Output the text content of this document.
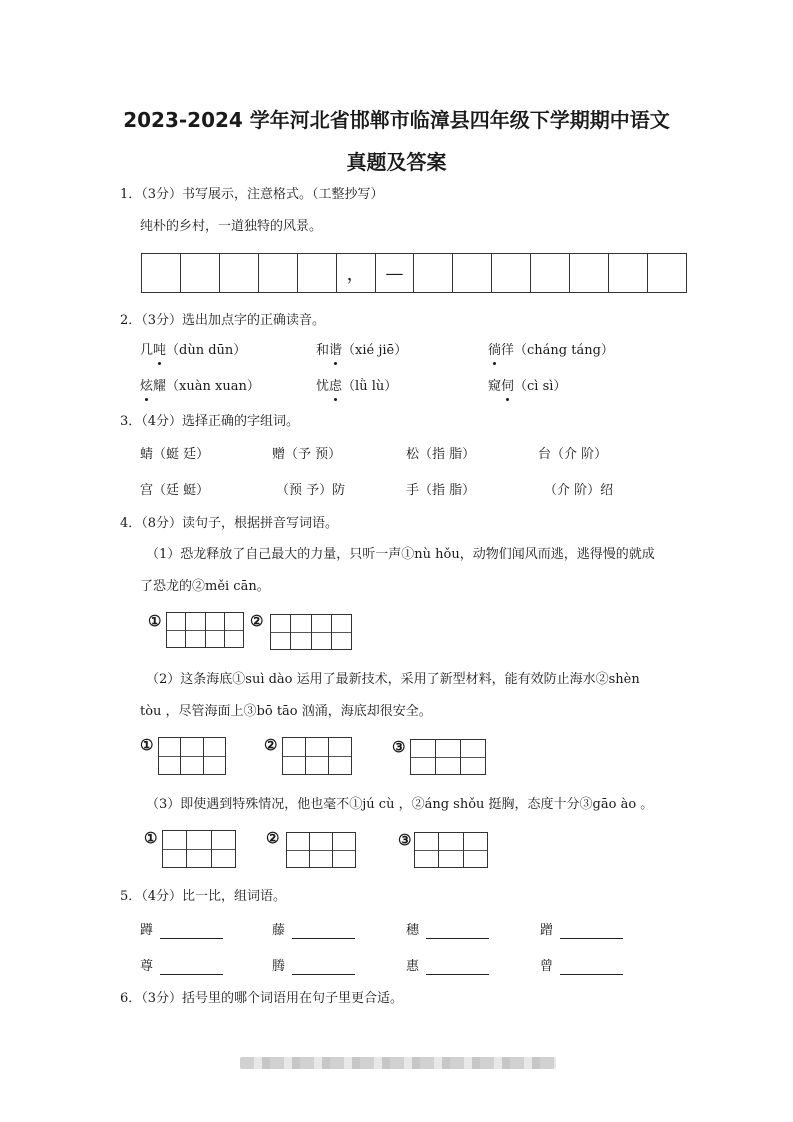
2023-2024 学年河北省邯郸市临漳县四年级下学期期中语文
真题及答案
1．（3分）书写展示，注意格式。（工整抄写）
纯朴的乡村，一道独特的风景。
，	—
2．（3分）选出加点字的正确读音。
几吨（dùn dūn）	和谐（xié jiē）	徜徉（cháng táng）
炫耀（xuàn xuan）	忧虑（lǜ lù）	窥伺（cì sì）
3．（4分）选择正确的字组词。
蜻（蜓 廷）	赠（予 预）	松（指 脂）	台（介 阶）
宫（廷 蜓）	（预 予）防	手（指 脂）	（介 阶）绍
4．（8分）读句子，根据拼音写词语。
（1）恐龙释放了自己最大的力量，只听一声①nù hǒu，动物们闻风而逃，逃得慢的就成
了恐龙的②měi cān。
①	②
（2）这条海底①suì dào 运用了最新技术，采用了新型材料，能有效防止海水②shèn
tòu ，尽管海面上③bō tāo 汹涌，海底却很安全。
①	②	③
（3）即使遇到特殊情况，他也毫不①jú cù ，②áng shǒu 挺胸，态度十分③gāo ào 。
①	②	③
5．（4分）比一比，组词语。
蹲	藤	穗	蹭
尊	腾	惠	曾
6．（3分）括号里的哪个词语用在句子里更合适。
